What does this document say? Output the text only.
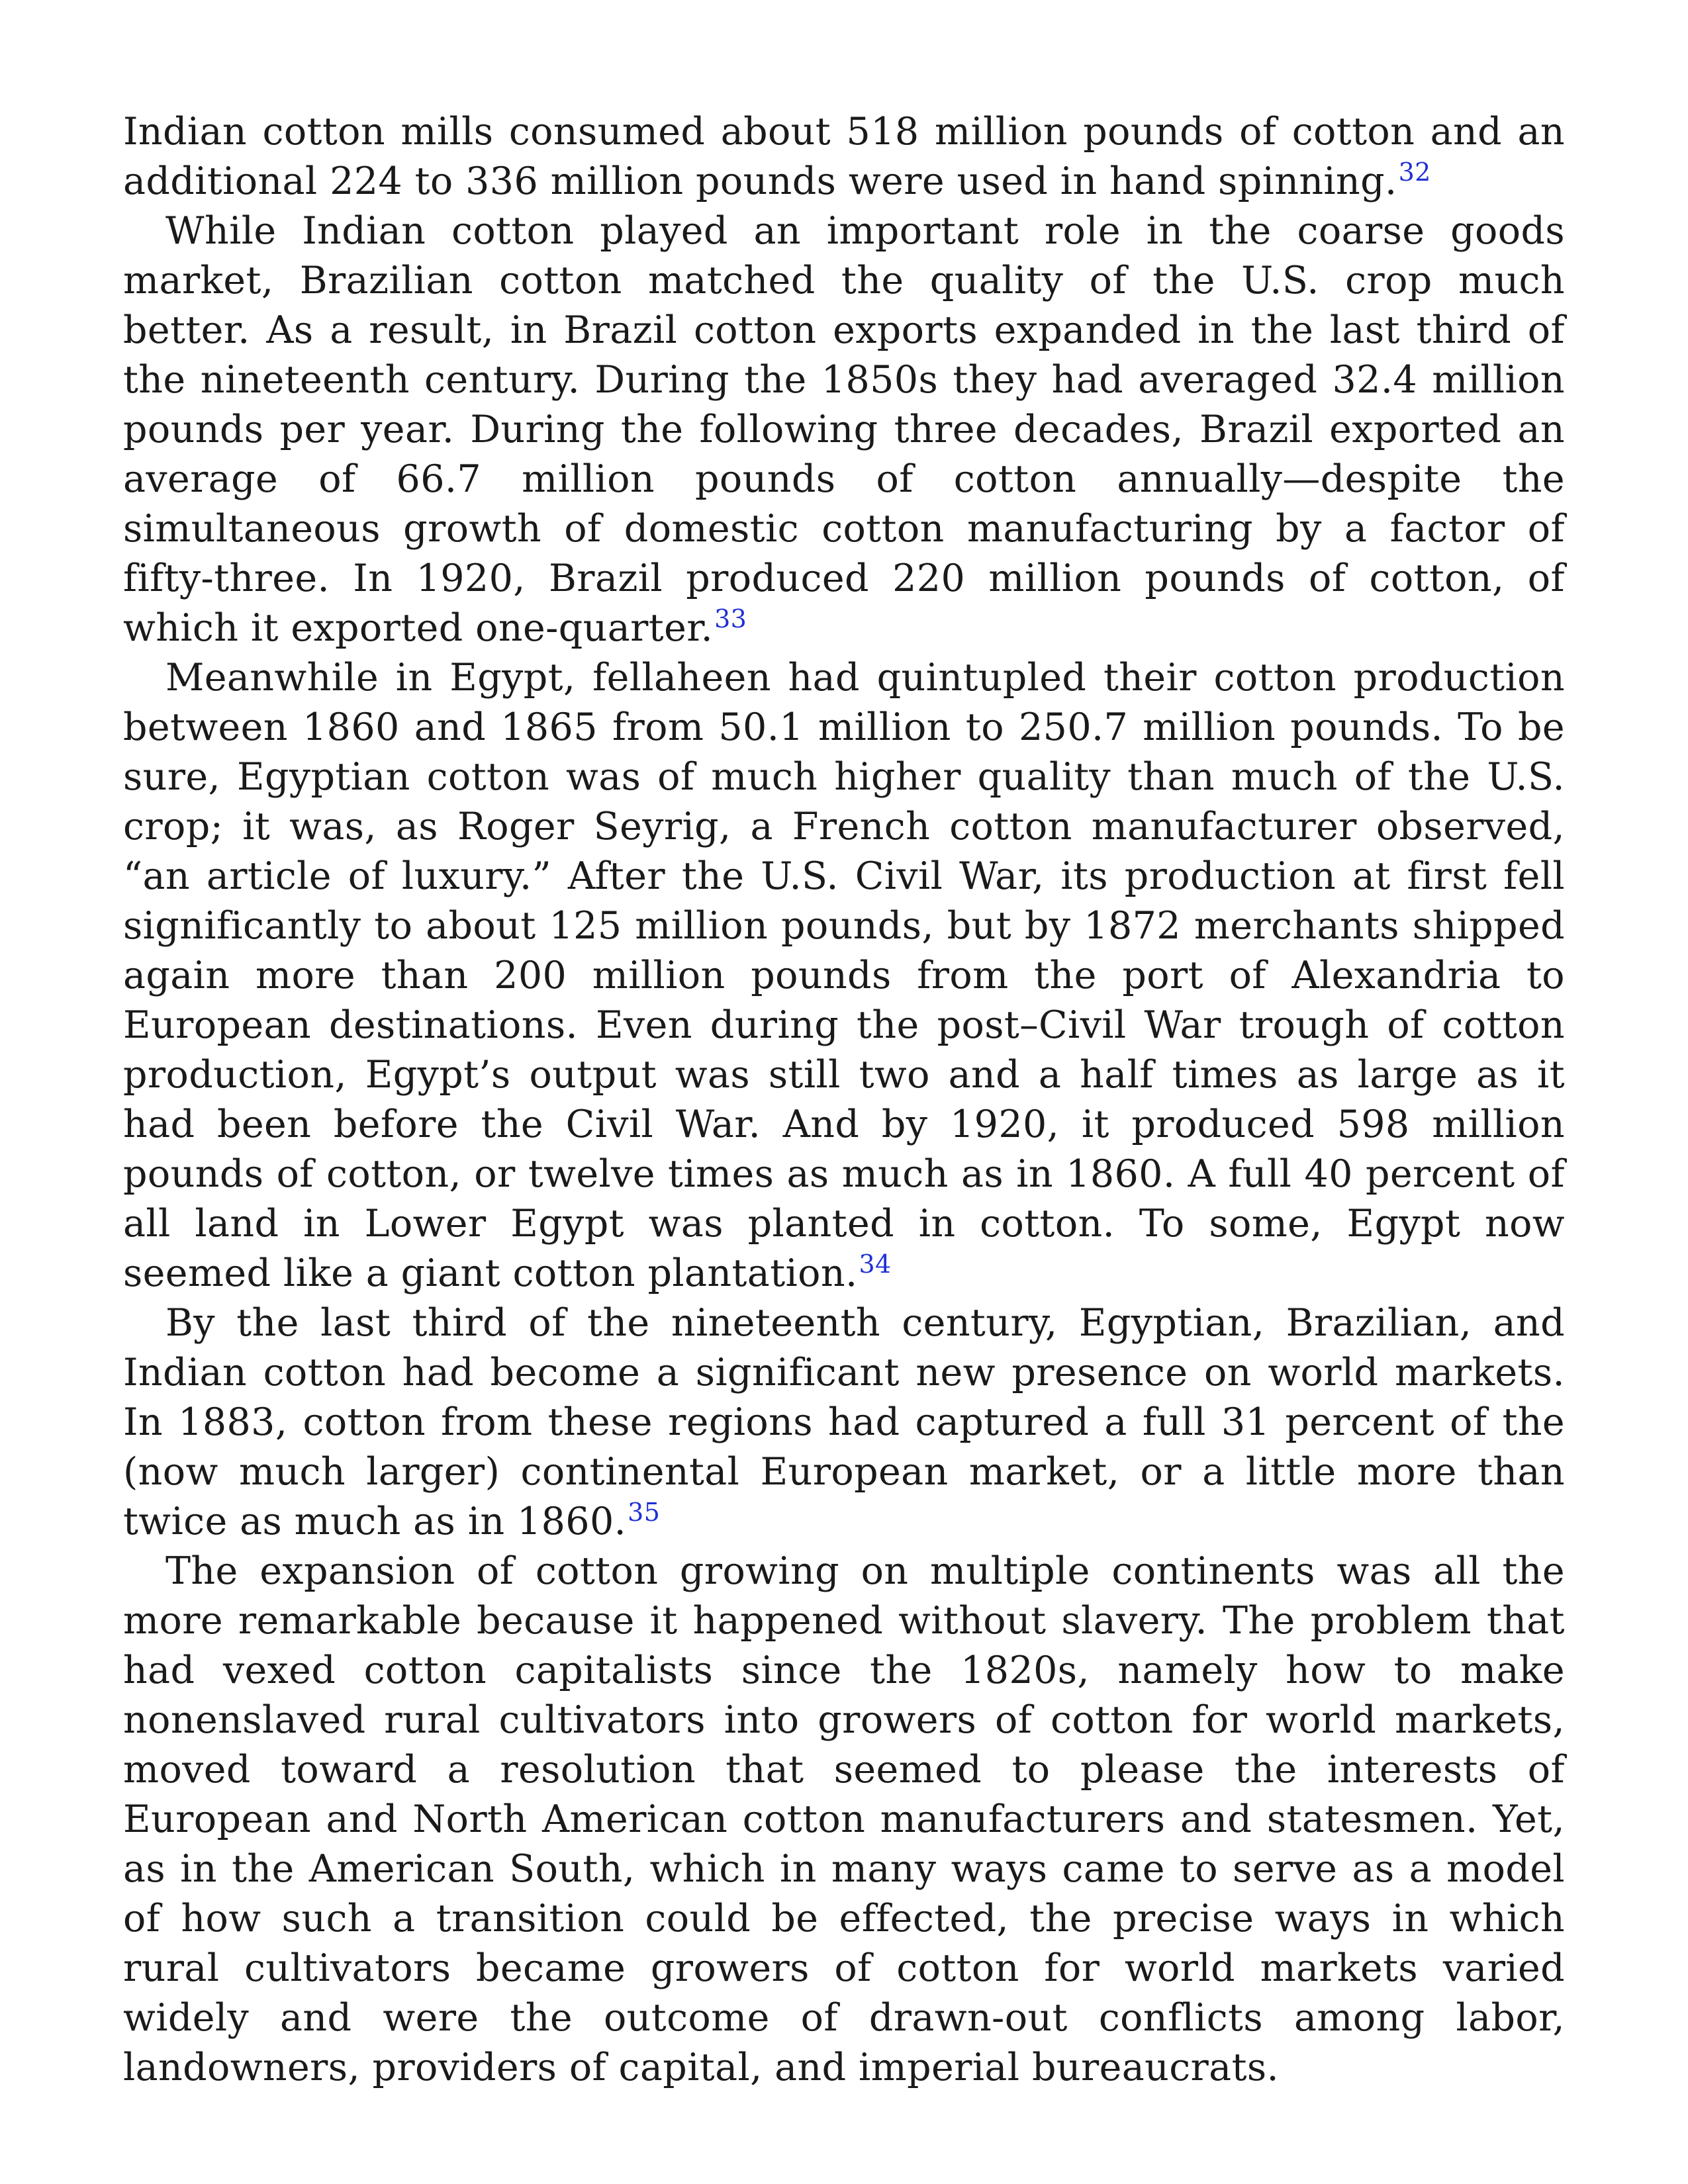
Indian cotton mills consumed about 518 million pounds of cotton and an additional 224 to 336 million pounds were used in hand spinning.$^{32}$

While Indian cotton played an important role in the coarse goods market, Brazilian cotton matched the quality of the U.S. crop much better. As a result, in Brazil cotton exports expanded in the last third of the nineteenth century. During the 1850s they had averaged 32.4 million pounds per year. During the following three decades, Brazil exported an average of 66.7 million pounds of cotton annually—despite the simultaneous growth of domestic cotton manufacturing by a factor of fifty-three. In 1920, Brazil produced 220 million pounds of cotton, of which it exported one-quarter.$^{33}$

Meanwhile in Egypt, fellaheen had quintupled their cotton production between 1860 and 1865 from 50.1 million to 250.7 million pounds. To be sure, Egyptian cotton was of much higher quality than much of the U.S. crop; it was, as Roger Seyrig, a French cotton manufacturer observed, “an article of luxury.” After the U.S. Civil War, its production at first fell significantly to about 125 million pounds, but by 1872 merchants shipped again more than 200 million pounds from the port of Alexandria to European destinations. Even during the post–Civil War trough of cotton production, Egypt’s output was still two and a half times as large as it had been before the Civil War. And by 1920, it produced 598 million pounds of cotton, or twelve times as much as in 1860. A full 40 percent of all land in Lower Egypt was planted in cotton. To some, Egypt now seemed like a giant cotton plantation.$^{34}$

By the last third of the nineteenth century, Egyptian, Brazilian, and Indian cotton had become a significant new presence on world markets. In 1883, cotton from these regions had captured a full 31 percent of the (now much larger) continental European market, or a little more than twice as much as in 1860.35

The expansion of cotton growing on multiple continents was all the more remarkable because it happened without slavery. The problem that had vexed cotton capitalists since the 1820s, namely how to make nonenslaved rural cultivators into growers of cotton for world markets, moved toward a resolution that seemed to please the interests of European and North American cotton manufacturers and statesmen. Yet, as in the American South, which in many ways came to serve as a model of how such a transition could be effected, the precise ways in which rural cultivators became growers of cotton for world markets varied widely and were the outcome of drawn-out conflicts among labor, landowners, providers of capital, and imperial bureaucrats.
